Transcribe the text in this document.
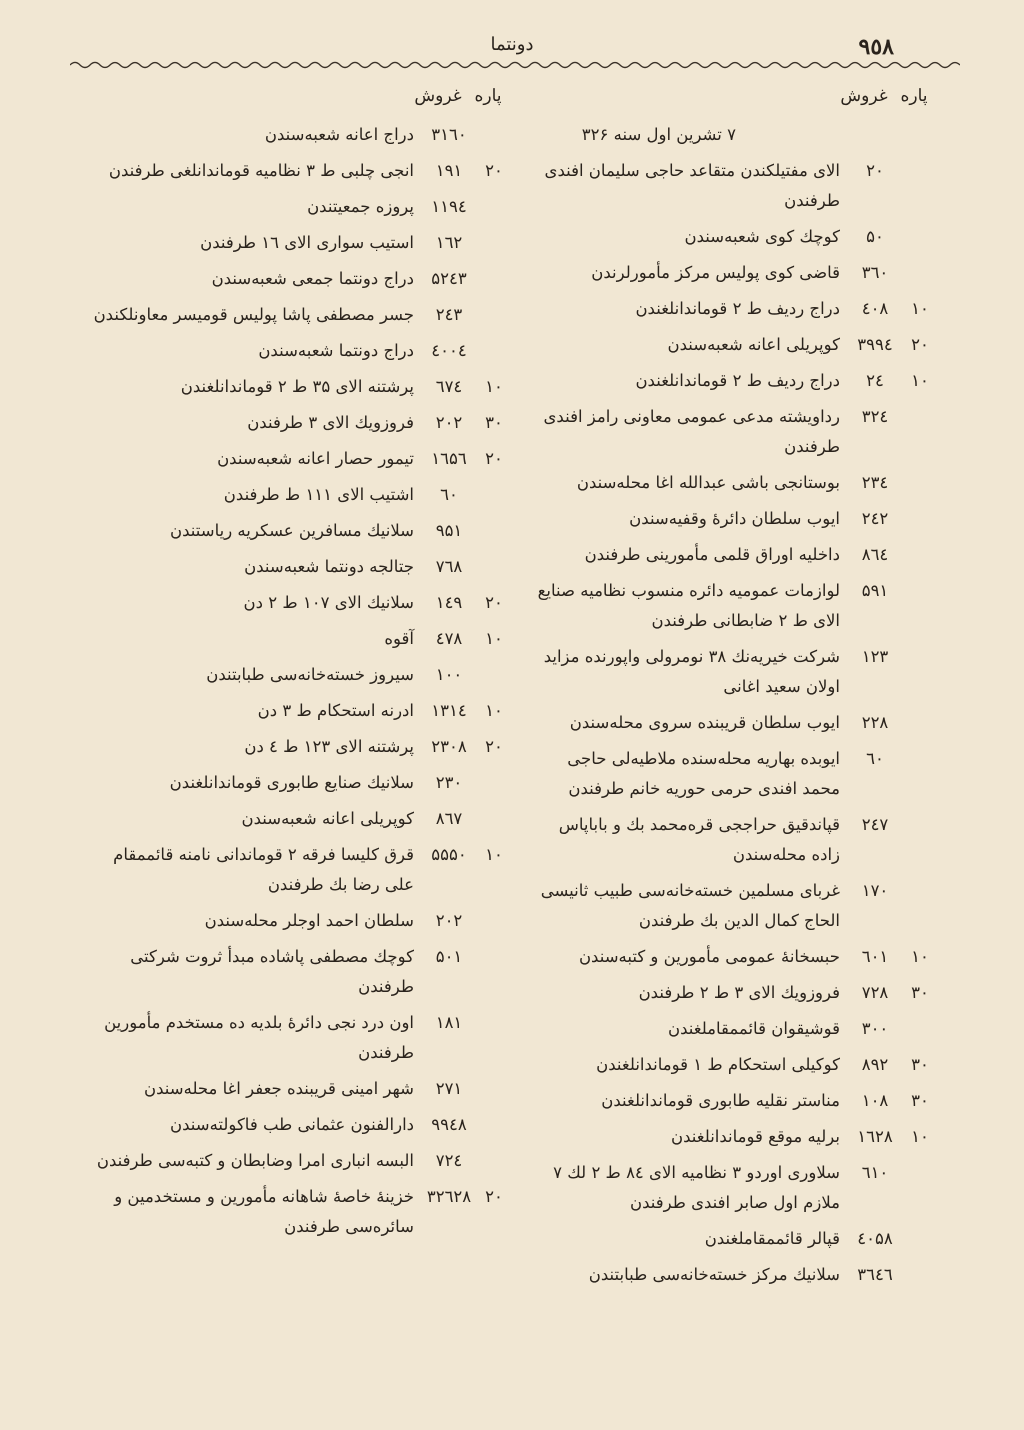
٩٥٨
دونتما
پاره
غروش
۷ تشرین اول سنه ۳۲۶
۲۰
الای مفتیلکندن متقاعد حاجی سلیمان افندی طرفندن
۵۰
کوچك کوی شعبه‌سندن
۳٦۰
قاضی کوی پولیس مرکز مأمورلرندن
۱۰
٤۰۸
دراج ردیف ط ۲ قوماندانلغندن
۲۰
۳۹۹٤
کوپریلی اعانه شعبه‌سندن
۱۰
۲٤
دراج ردیف ط ۲ قوماندانلغندن
۳۲٤
رداویشته مدعی عمومی معاونی رامز افندی طرفندن
۲۳٤
بوستانجی باشی عبدالله اغا محله‌سندن
۲٤۲
ایوب سلطان دائرهٔ وقفیه‌سندن
۸٦٤
داخلیه اوراق قلمی مأمورینی طرفندن
۵۹۱
لوازمات عمومیه دائره منسوب نظامیه صنایع الای ط ۲ ضابطانی طرفندن
۱۲۳
شرکت خیریه‌نك ۳۸ نومرولی واپورنده مزاید اولان سعید اغانی
۲۲۸
ایوب سلطان قریبنده سروی محله‌سندن
٦۰
ایوبده بهاریه محله‌سنده ملاطیه‌لی حاجی محمد افندی حرمی حوریه خانم طرفندن
۲٤۷
قپاندقیق حراججی قره‌محمد بك و باباپاس زاده محله‌سندن
۱۷۰
غربای مسلمین خسته‌خانه‌سی طبیب ثانیسی الحاج کمال الدین بك طرفندن
۱۰
٦۰۱
حبسخانهٔ عمومی مأمورین و کتبه‌سندن
۳۰
۷۲۸
فروزویك الای ۳ ط ۲ طرفندن
۳۰۰
قوشیقوان قائممقاملغندن
۳۰
۸۹۲
کوکیلی استحکام ط ۱ قوماندانلغندن
۳۰
۱۰۸
مناستر نقلیه طابوری قوماندانلغندن
۱۰
۱٦۲۸
برلیه موقع قوماندانلغندن
٦۱۰
سلاوری اوردو ۳ نظامیه الای ٨٤ ط ۲ لك ۷ ملازم اول صابر افندی طرفندن
٤۰۵۸
قپالر قائممقاملغندن
۳٦٤٦
سلانیك مرکز خسته‌خانه‌سی طبابتندن
پاره
غروش
۳۱٦۰
دراج اعانه شعبه‌سندن
۲۰
۱۹۱
انجی چلبی ط ۳ نظامیه قوماندانلغی طرفندن
۱۱۹٤
پروزه جمعیتندن
۱٦۲
استیب سواری الای ۱٦ طرفندن
۵۲٤۳
دراج دونتما جمعی شعبه‌سندن
۲٤۳
جسر مصطفی پاشا پولیس قومیسر معاونلکندن
٤۰۰٤
دراج دونتما شعبه‌سندن
۱۰
٦۷٤
پرشتنه الای ۳۵ ط ۲ قوماندانلغندن
۳۰
۲۰۲
فروزویك الای ۳ طرفندن
۲۰
۱٦۵٦
تیمور حصار اعانه شعبه‌سندن
٦۰
اشتیب الای ۱۱۱ ط طرفندن
۹۵۱
سلانیك مسافرین عسکریه ریاستندن
۷٦۸
جتالجه دونتما شعبه‌سندن
۲۰
۱٤۹
سلانیك الای ۱۰۷ ط ۲ دن
۱۰
٤۷۸
آقوه
۱۰۰
سیروز خسته‌خانه‌سی طبابتندن
۱۰
۱۳۱٤
ادرنه استحکام ط ۳ دن
۲۰
۲۳۰۸
پرشتنه الای ۱۲۳ ط ٤ دن
۲۳۰
سلانیك صنایع طابوری قوماندانلغندن
۸٦۷
کوپریلی اعانه شعبه‌سندن
۱۰
۵۵۵۰
قرق کلیسا فرقه ۲ قوماندانی نامنه قائممقام علی رضا بك طرفندن
۲۰۲
سلطان احمد اوجلر محله‌سندن
۵۰۱
کوچك مصطفی پاشاده مبدأ ثروت شرکتی طرفندن
۱۸۱
اون درد نجی دائرهٔ بلدیه ده مستخدم مأمورین طرفندن
۲۷۱
شهر امینی قریبنده جعفر اغا محله‌سندن
۹۹٤۸
دارالفنون عثمانی طب فاکولته‌سندن
۷۲٤
البسه انباری امرا وضابطان و کتبه‌سی طرفندن
۲۰
۳۲٦۲۸
خزینهٔ خاصهٔ شاهانه مأمورین و مستخدمین و سائره‌سی طرفندن
